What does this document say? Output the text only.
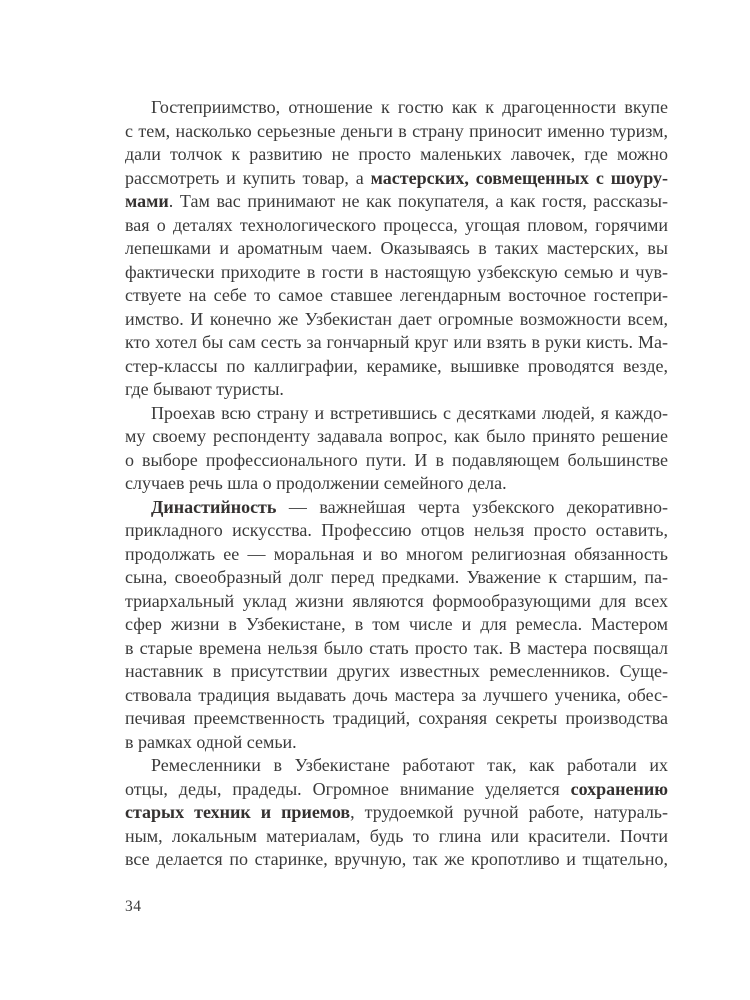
Гостеприимство, отношение к гостю как к драгоценности вкупе
с тем, насколько серьезные деньги в страну приносит именно туризм,
дали толчок к развитию не просто маленьких лавочек, где можно
рассмотреть и купить товар, а мастерских, совмещенных с шоуру-
мами. Там вас принимают не как покупателя, а как гостя, рассказы-
вая о деталях технологического процесса, угощая пловом, горячими
лепешками и ароматным чаем. Оказываясь в таких мастерских, вы
фактически приходите в гости в настоящую узбекскую семью и чув-
ствуете на себе то самое ставшее легендарным восточное гостепри-
имство. И конечно же Узбекистан дает огромные возможности всем,
кто хотел бы сам сесть за гончарный круг или взять в руки кисть. Ма-
стер-классы по каллиграфии, керамике, вышивке проводятся везде,
где бывают туристы.
Проехав всю страну и встретившись с десятками людей, я каждо-
му своему респонденту задавала вопрос, как было принято решение
о выборе профессионального пути. И в подавляющем большинстве
случаев речь шла о продолжении семейного дела.
Династийность — важнейшая черта узбекского декоративно-
прикладного искусства. Профессию отцов нельзя просто оставить,
продолжать ее — моральная и во многом религиозная обязанность
сына, своеобразный долг перед предками. Уважение к старшим, па-
триархальный уклад жизни являются формообразующими для всех
сфер жизни в Узбекистане, в том числе и для ремесла. Мастером
в старые времена нельзя было стать просто так. В мастера посвящал
наставник в присутствии других известных ремесленников. Суще-
ствовала традиция выдавать дочь мастера за лучшего ученика, обес-
печивая преемственность традиций, сохраняя секреты производства
в рамках одной семьи.
Ремесленники в Узбекистане работают так, как работали их
отцы, деды, прадеды. Огромное внимание уделяется сохранению
старых техник и приемов, трудоемкой ручной работе, натураль-
ным, локальным материалам, будь то глина или красители. Почти
все делается по старинке, вручную, так же кропотливо и тщательно,
34
